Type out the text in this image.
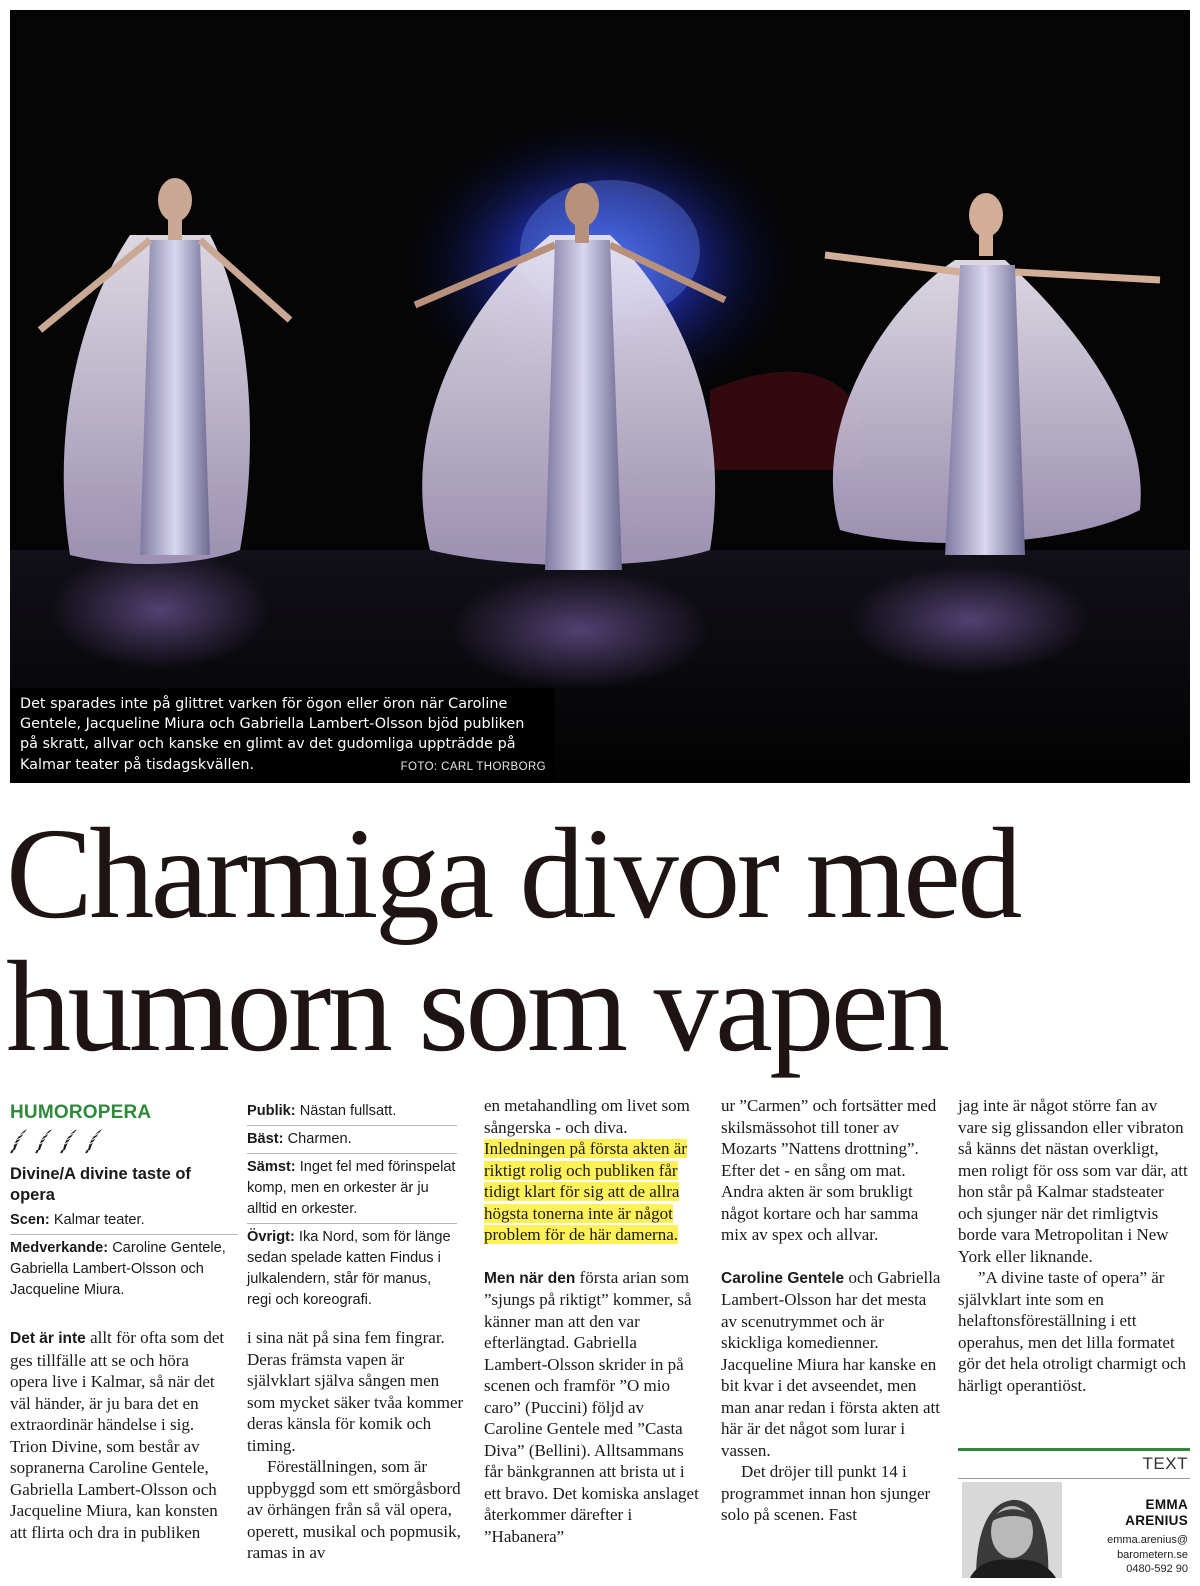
Det sparades inte på glittret varken för ögon eller öron när Caroline Gentele, Jacqueline Miura och Gabriella Lambert-Olsson bjöd publiken på skratt, allvar och kanske en glimt av det gudomliga uppträdde på Kalmar teater på tisdagskvällen.	FOTO: CARL THORBORG
Charmiga divor med
humorn som vapen

HUMOROPERA

Divine/A divine taste of opera

Scen: Kalmar teater.

Medverkande: Caroline Gentele, Gabriella Lambert-Olsson och Jacqueline Miura.

Publik: Nästan fullsatt.

Bäst: Charmen.

Sämst: Inget fel med förinspelat komp, men en orkester är ju alltid en orkester.

Övrigt: Ika Nord, som för länge sedan spelade katten Findus i julkalendern, står för manus, regi och koreografi.

Det är inte allt för ofta som det ges tillfälle att se och höra opera live i Kalmar, så när det väl händer, är ju bara det en extraordinär händelse i sig. Trion Divine, som består av sopranerna Caroline Gentele, Gabriella Lambert-Olsson och Jacqueline Miura, kan konsten att flirta och dra in publiken

i sina nät på sina fem fingrar. Deras främsta vapen är självklart själva sången men som mycket säker tvåa kommer deras känsla för komik och timing.

Föreställningen, som är uppbyggd som ett smörgåsbord av örhängen från så väl opera, operett, musikal och popmusik, ramas in av

en metahandling om livet som sångerska - och diva. Inledningen på första akten är riktigt rolig och publiken får tidigt klart för sig att de allra högsta tonerna inte är något problem för de här damerna.

Men när den första arian som ”sjungs på riktigt” kommer, så känner man att den var efterlängtad. Gabriella Lambert-Olsson skrider in på scenen och framför ”O mio caro” (Puccini) följd av Caroline Gentele med ”Casta Diva” (Bellini). Alltsammans får bänkgrannen att brista ut i ett bravo. Det komiska anslaget återkommer därefter i ”Habanera”

ur ”Carmen” och fortsätter med skilsmässohot till toner av Mozarts ”Nattens drottning”. Efter det - en sång om mat. Andra akten är som brukligt något kortare och har samma mix av spex och allvar.

Caroline Gentele och Gabriella Lambert-Olsson har det mesta av scenutrymmet och är skickliga komedienner. Jacqueline Miura har kanske en bit kvar i det avseendet, men man anar redan i första akten att här är det något som lurar i vassen.

Det dröjer till punkt 14 i programmet innan hon sjunger solo på scenen. Fast

jag inte är något större fan av vare sig glissandon eller vibraton så känns det nästan overkligt, men roligt för oss som var där, att hon står på Kalmar stadsteater och sjunger när det rimligtvis borde vara Metropolitan i New York eller liknande.

”A divine taste of opera” är självklart inte som en helaftonsföreställning i ett operahus, men det lilla formatet gör det hela otroligt charmigt och härligt operantiöst.

TEXT

EMMA
ARENIUS

emma.arenius@
barometern.se
0480-592 90
